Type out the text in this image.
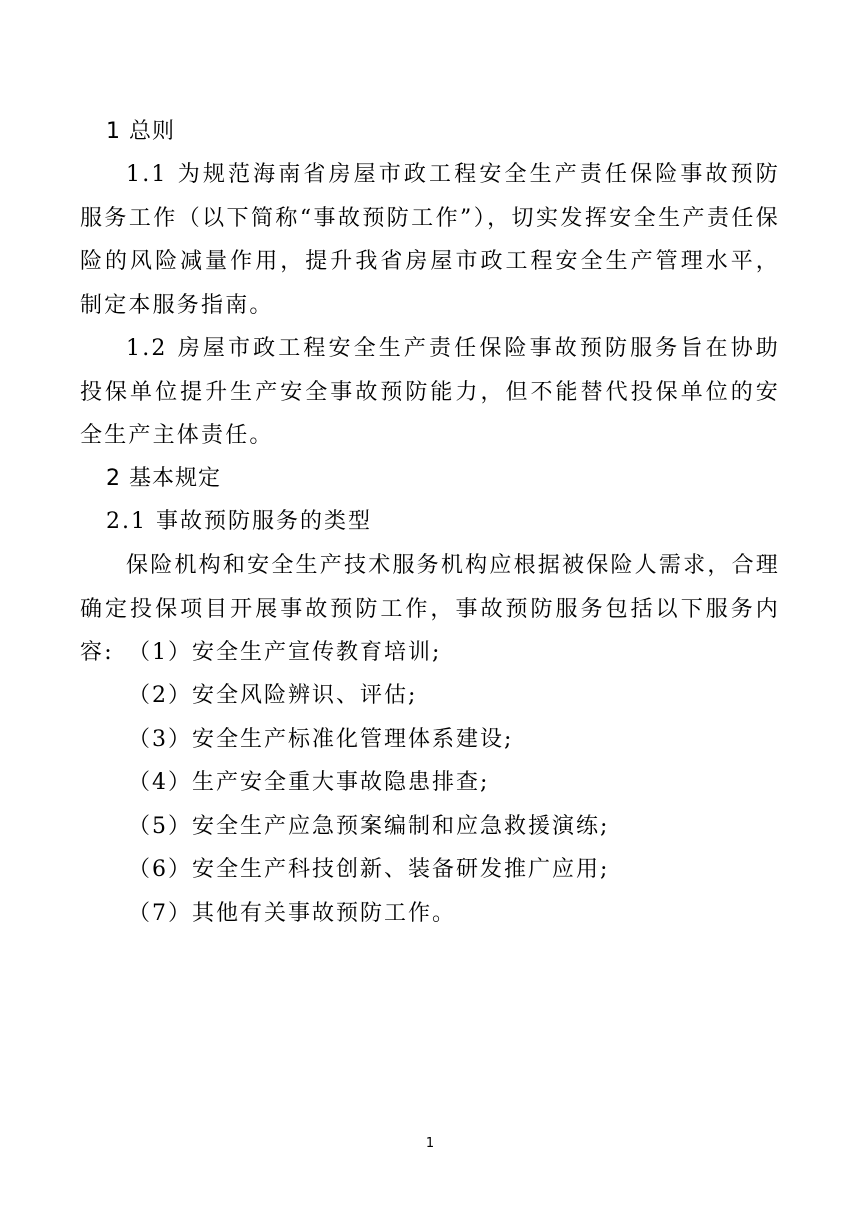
1 总则

1.1 为规范海南省房屋市政工程安全生产责任保险事故预防服务工作（以下简称“事故预防工作”），切实发挥安全生产责任保险的风险减量作用，提升我省房屋市政工程安全生产管理水平，制定本服务指南。

1.2 房屋市政工程安全生产责任保险事故预防服务旨在协助投保单位提升生产安全事故预防能力，但不能替代投保单位的安全生产主体责任。

2 基本规定

2.1 事故预防服务的类型

保险机构和安全生产技术服务机构应根据被保险人需求，合理确定投保项目开展事故预防工作，事故预防服务包括以下服务内容: （1）安全生产宣传教育培训;

（2）安全风险辨识、评估;

（3）安全生产标准化管理体系建设;

（4）生产安全重大事故隐患排查;

（5）安全生产应急预案编制和应急救援演练;

（6）安全生产科技创新、装备研发推广应用;

（7）其他有关事故预防工作。

1
